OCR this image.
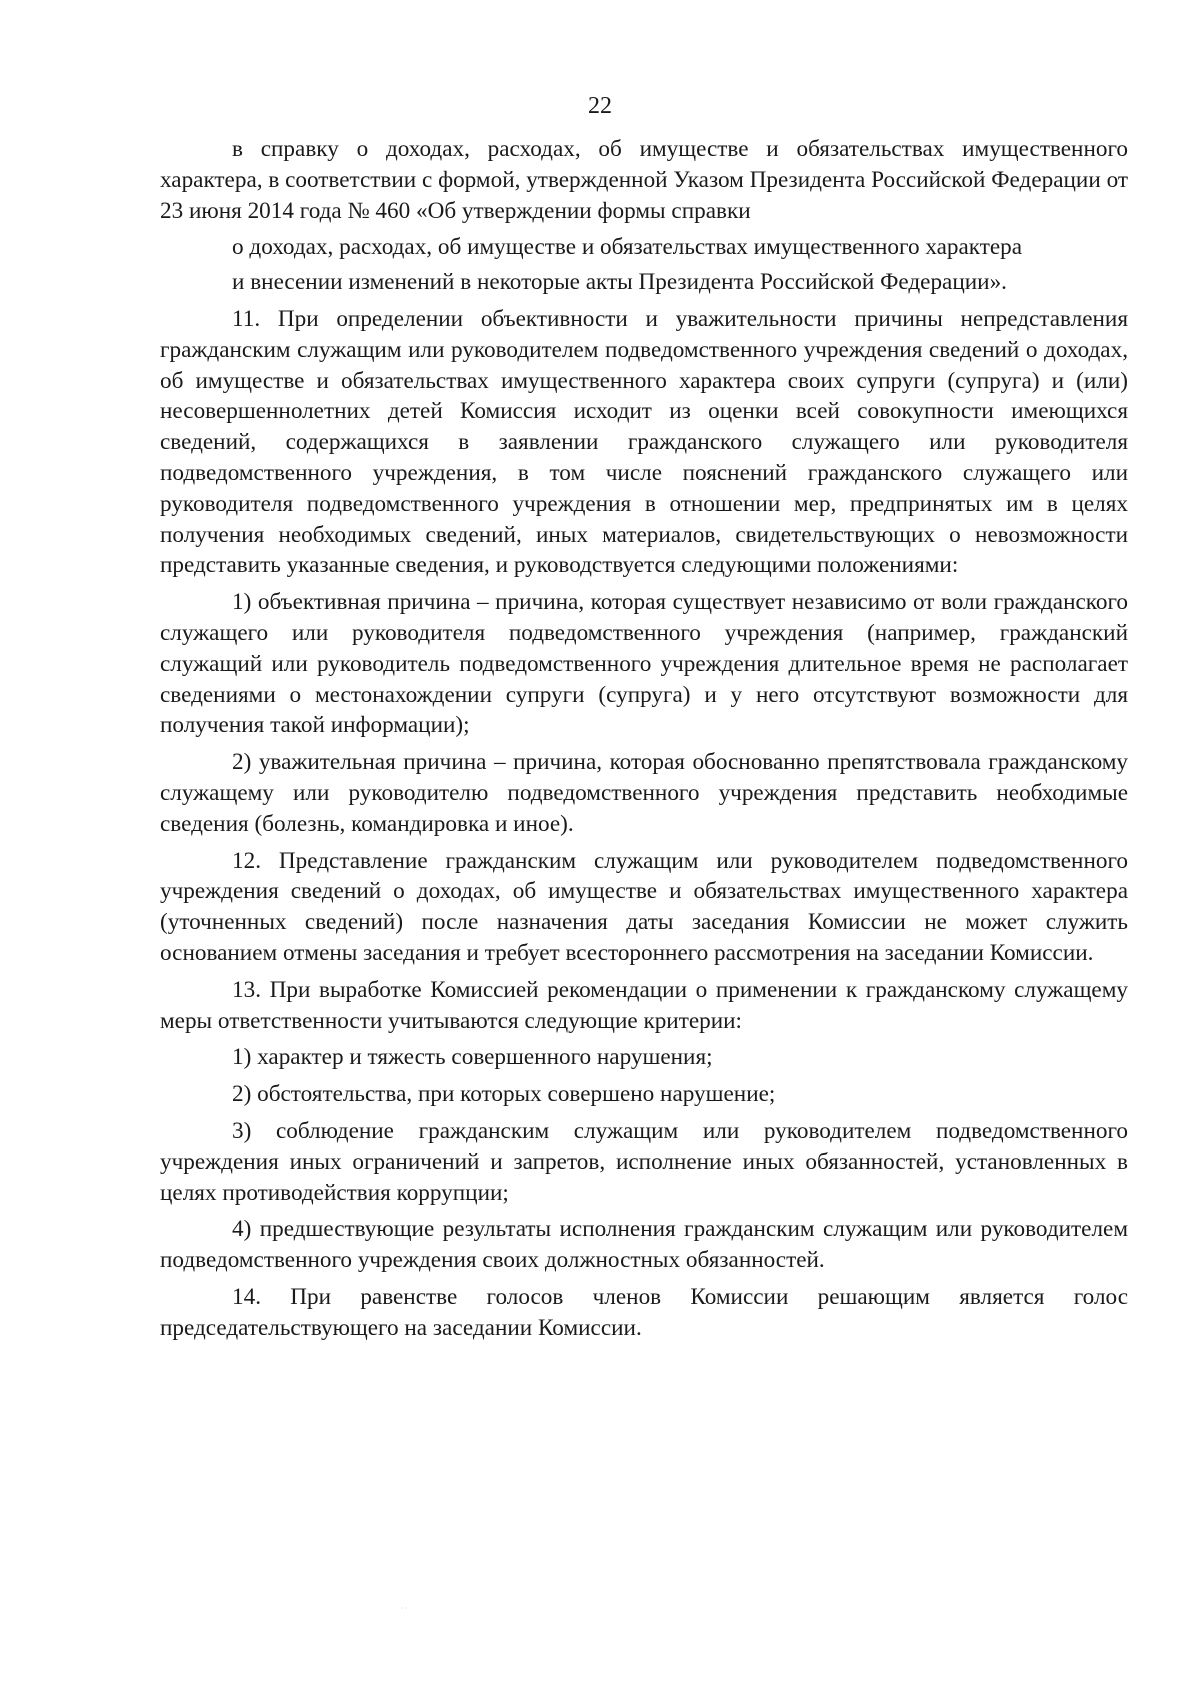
22

в справку о доходах, расходах, об имуществе и обязательствах имущественного характера, в соответствии с формой, утвержденной Указом Президента Российской Федерации от 23 июня 2014 года № 460 «Об утверждении формы справки

о доходах, расходах, об имуществе и обязательствах имущественного характера

и внесении изменений в некоторые акты Президента Российской Федерации».

11. При определении объективности и уважительности причины непредставления гражданским служащим или руководителем подведомственного учреждения сведений о доходах, об имуществе и обязательствах имущественного характера своих супруги (супруга) и (или) несовершеннолетних детей Комиссия исходит из оценки всей совокупности имеющихся сведений, содержащихся в заявлении гражданского служащего или руководителя подведомственного учреждения, в том числе пояснений гражданского служащего или руководителя подведомственного учреждения в отношении мер, предпринятых им в целях получения необходимых сведений, иных материалов, свидетельствующих о невозможности представить указанные сведения, и руководствуется следующими положениями:

1) объективная причина – причина, которая существует независимо от воли гражданского служащего или руководителя подведомственного учреждения (например, гражданский служащий или руководитель подведомственного учреждения длительное время не располагает сведениями о местонахождении супруги (супруга) и у него отсутствуют возможности для получения такой информации);

2) уважительная причина – причина, которая обоснованно препятствовала гражданскому служащему или руководителю подведомственного учреждения представить необходимые сведения (болезнь, командировка и иное).

12. Представление гражданским служащим или руководителем подведомственного учреждения сведений о доходах, об имуществе и обязательствах имущественного характера (уточненных сведений) после назначения даты заседания Комиссии не может служить основанием отмены заседания и требует всестороннего рассмотрения на заседании Комиссии.

13. При выработке Комиссией рекомендации о применении к гражданскому служащему меры ответственности учитываются следующие критерии:

1) характер и тяжесть совершенного нарушения;

2) обстоятельства, при которых совершено нарушение;

3) соблюдение гражданским служащим или руководителем подведомственного учреждения иных ограничений и запретов, исполнение иных обязанностей, установленных в целях противодействия коррупции;

4) предшествующие результаты исполнения гражданским служащим или руководителем подведомственного учреждения своих должностных обязанностей.

14. При равенстве голосов членов Комиссии решающим является голос председательствующего на заседании Комиссии.

· ·
